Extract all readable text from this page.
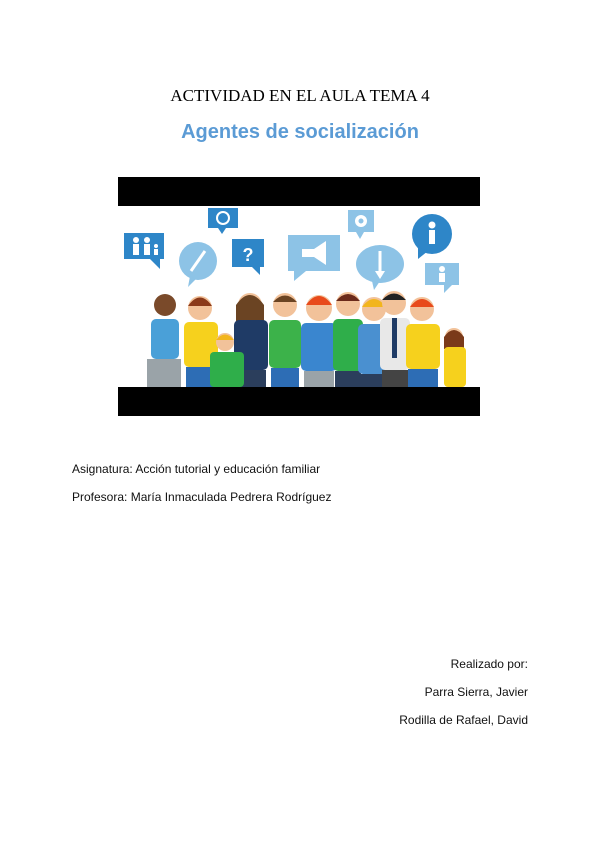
ACTIVIDAD EN EL AULA TEMA 4
Agentes de socialización
?
Asignatura: Acción tutorial y educación familiar
Profesora: María Inmaculada Pedrera Rodríguez
Realizado por:
Parra Sierra, Javier
Rodilla de Rafael, David
